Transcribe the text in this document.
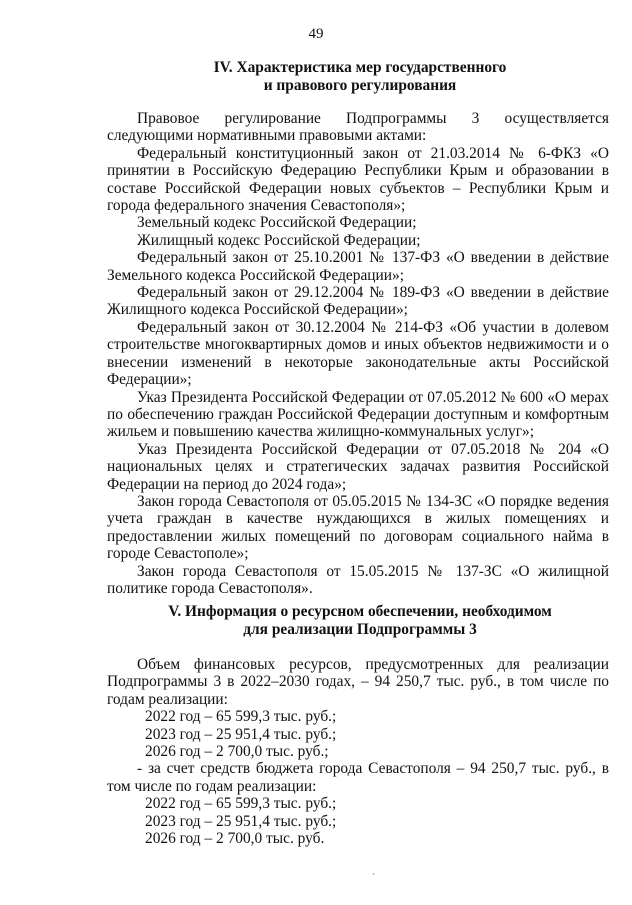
49
IV. Характеристика мер государственного
и правового регулирования

Правовое регулирование Подпрограммы 3 осуществляется следующими нормативными правовыми актами:

Федеральный конституционный закон от 21.03.2014 № 6-ФКЗ «О принятии в Российскую Федерацию Республики Крым и образовании в составе Российской Федерации новых субъектов – Республики Крым и города федерального значения Севастополя»;

Земельный кодекс Российской Федерации;

Жилищный кодекс Российской Федерации;

Федеральный закон от 25.10.2001 № 137-ФЗ «О введении в действие Земельного кодекса Российской Федерации»;

Федеральный закон от 29.12.2004 № 189-ФЗ «О введении в действие Жилищного кодекса Российской Федерации»;

Федеральный закон от 30.12.2004 № 214-ФЗ «Об участии в долевом строительстве многоквартирных домов и иных объектов недвижимости и о внесении изменений в некоторые законодательные акты Российской Федерации»;

Указ Президента Российской Федерации от 07.05.2012 № 600 «О мерах по обеспечению граждан Российской Федерации доступным и комфортным жильем и повышению качества жилищно-коммунальных услуг»;

Указ Президента Российской Федерации от 07.05.2018 № 204 «О национальных целях и стратегических задачах развития Российской Федерации на период до 2024 года»;

Закон города Севастополя от 05.05.2015 № 134-ЗС «О порядке ведения учета граждан в качестве нуждающихся в жилых помещениях и предоставлении жилых помещений по договорам социального найма в городе Севастополе»;

Закон города Севастополя от 15.05.2015 № 137-ЗС «О жилищной политике города Севастополя».

V. Информация о ресурсном обеспечении, необходимом
для реализации Подпрограммы 3

Объем финансовых ресурсов, предусмотренных для реализации Подпрограммы 3 в 2022–2030 годах, – 94 250,7 тыс. руб., в том числе по годам реализации:

2022 год – 65 599,3 тыс. руб.;

2023 год – 25 951,4 тыс. руб.;

2026 год – 2 700,0 тыс. руб.;

- за счет средств бюджета города Севастополя – 94 250,7 тыс. руб., в том числе по годам реализации:

2022 год – 65 599,3 тыс. руб.;

2023 год – 25 951,4 тыс. руб.;

2026 год – 2 700,0 тыс. руб.

`
